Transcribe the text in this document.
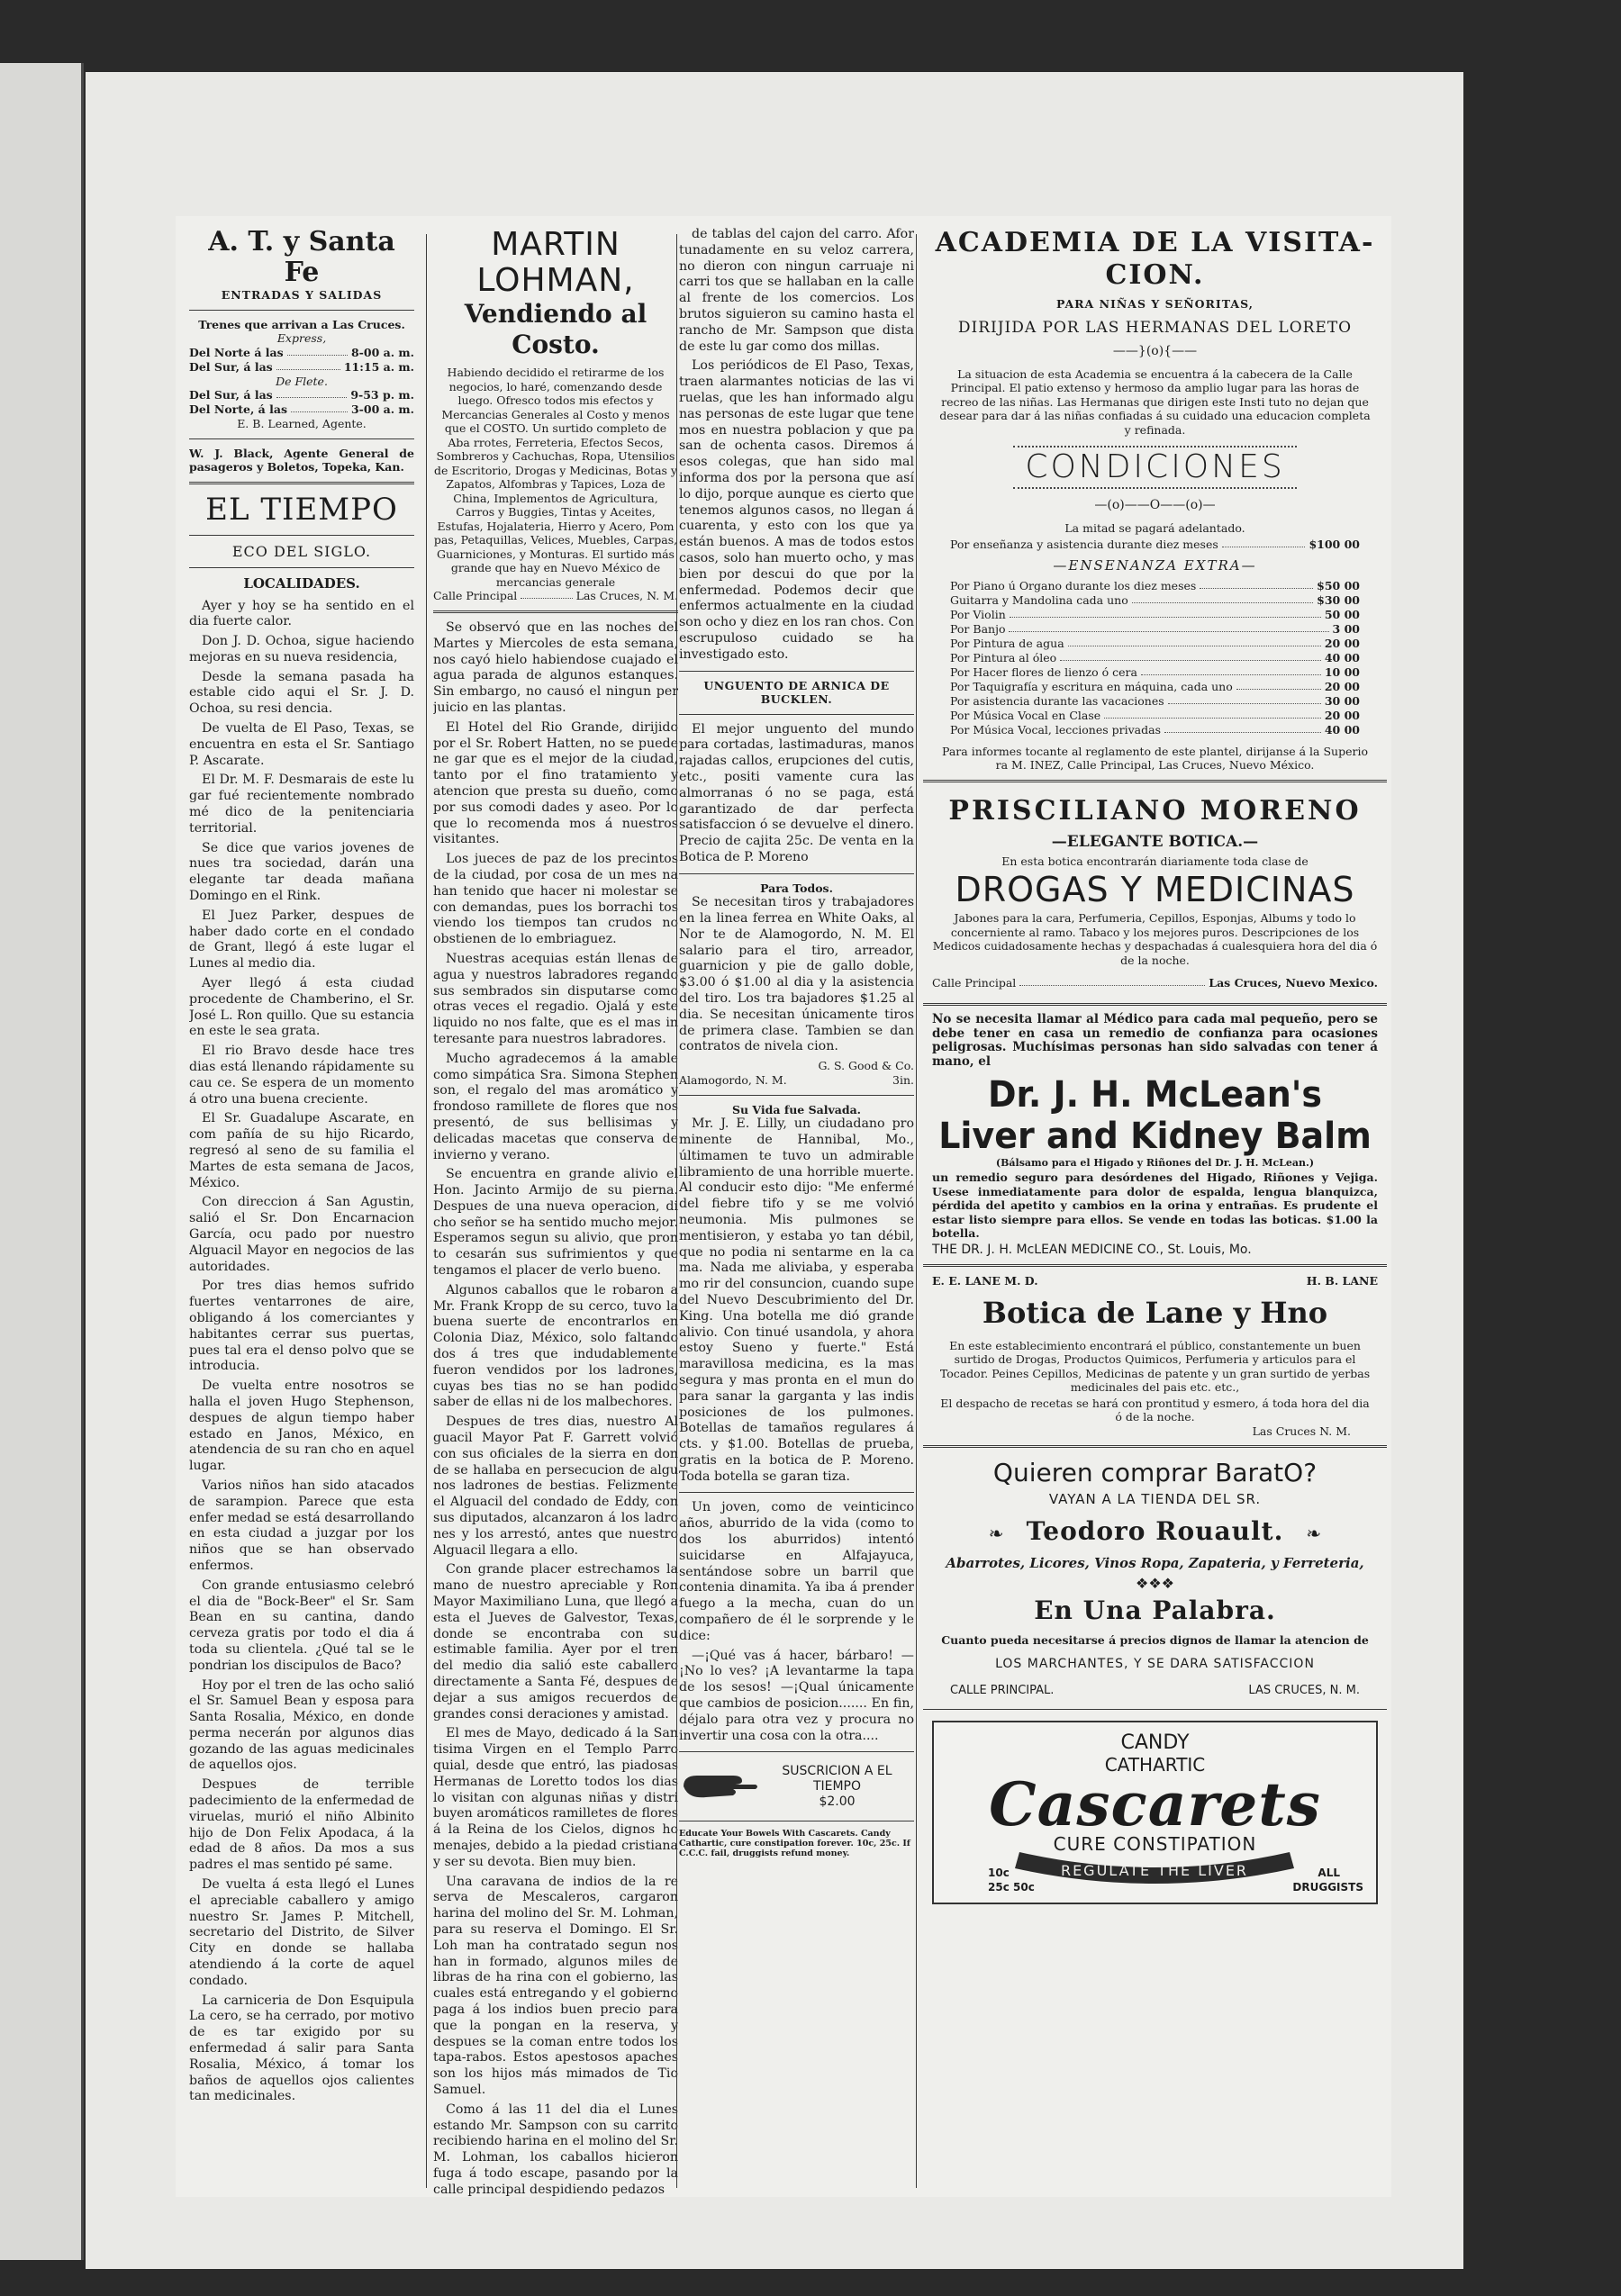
A. T. y Santa Fe
ENTRADAS Y SALIDAS
Trenes que arrivan a Las Cruces.
Express,
Del Norte á las	8-00 a. m.
Del Sur, á las	11:15 a. m.
De Flete.
Del Sur, á las	9-53 p. m.
Del Norte, á las	3-00 a. m.
E. B. Learned, Agente.
W. J. Black, Agente General de pasageros y Boletos, Topeka, Kan.
EL TIEMPO
ECO DEL SIGLO.
LOCALIDADES.

Ayer y hoy se ha sentido en el dia fuerte calor.

Don J. D. Ochoa, sigue haciendo mejoras en su nueva residencia,

Desde la semana pasada ha estable cido aqui el Sr. J. D. Ochoa, su resi dencia.

De vuelta de El Paso, Texas, se encuentra en esta el Sr. Santiago P. Ascarate.

El Dr. M. F. Desmarais de este lu gar fué recientemente nombrado mé dico de la penitenciaria territorial.

Se dice que varios jovenes de nues tra sociedad, darán una elegante tar deada mañana Domingo en el Rink.

El Juez Parker, despues de haber dado corte en el condado de Grant, llegó á este lugar el Lunes al medio dia.

Ayer llegó á esta ciudad procedente de Chamberino, el Sr. José L. Ron quillo. Que su estancia en este le sea grata.

El rio Bravo desde hace tres dias está llenando rápidamente su cau ce. Se espera de un momento á otro una buena creciente.

El Sr. Guadalupe Ascarate, en com pañía de su hijo Ricardo, regresó al seno de su familia el Martes de esta semana de Jacos, México.

Con direccion á San Agustin, salió el Sr. Don Encarnacion García, ocu pado por nuestro Alguacil Mayor en negocios de las autoridades.

Por tres dias hemos sufrido fuertes ventarrones de aire, obligando á los comerciantes y habitantes cerrar sus puertas, pues tal era el denso polvo que se introducia.

De vuelta entre nosotros se halla el joven Hugo Stephenson, despues de algun tiempo haber estado en Janos, México, en atendencia de su ran cho en aquel lugar.

Varios niños han sido atacados de sarampion. Parece que esta enfer medad se está desarrollando en esta ciudad a juzgar por los niños que se han observado enfermos.

Con grande entusiasmo celebró el dia de "Bock-Beer" el Sr. Sam Bean en su cantina, dando cerveza gratis por todo el dia á toda su clientela. ¿Qué tal se le pondrian los discipulos de Baco?

Hoy por el tren de las ocho salió el Sr. Samuel Bean y esposa para Santa Rosalia, México, en donde perma necerán por algunos dias gozando de las aguas medicinales de aquellos ojos.

Despues de terrible padecimiento de la enfermedad de viruelas, murió el niño Albinito hijo de Don Felix Apodaca, á la edad de 8 años. Da mos a sus padres el mas sentido pé same.

De vuelta á esta llegó el Lunes el apreciable caballero y amigo nuestro Sr. James P. Mitchell, secretario del Distrito, de Silver City en donde se hallaba atendiendo á la corte de aquel condado.

La carniceria de Don Esquipula La cero, se ha cerrado, por motivo de es tar exigido por su enfermedad á salir para Santa Rosalia, México, á tomar los baños de aquellos ojos calientes tan medicinales.

MARTIN LOHMAN,
Vendiendo al Costo.
Habiendo decidido el retirarme de los negocios, lo haré, comenzando desde luego. Ofresco todos mis efectos y Mercancias Generales al Costo y menos que el COSTO. Un surtido completo de Aba rrotes, Ferreteria, Efectos Secos, Sombreros y Cachuchas, Ropa, Utensilios de Escritorio, Drogas y Medicinas, Botas y Zapatos, Alfombras y Tapices, Loza de China, Implementos de Agricultura, Carros y Buggies, Tintas y Aceites, Estufas, Hojalateria, Hierro y Acero, Pom pas, Petaquillas, Velices, Muebles, Carpas, Guarniciones, y Monturas. El surtido más grande que hay en Nuevo México de mercancias generale
Calle Principal	Las Cruces, N. M.

Se observó que en las noches del Martes y Miercoles de esta semana, nos cayó hielo habiendose cuajado el agua parada de algunos estanques. Sin embargo, no causó el ningun per juicio en las plantas.

El Hotel del Rio Grande, dirijido por el Sr. Robert Hatten, no se puede ne gar que es el mejor de la ciudad, tanto por el fino tratamiento y atencion que presta su dueño, como por sus comodi dades y aseo. Por lo que lo recomenda mos á nuestros visitantes.

Los jueces de paz de los precintos de la ciudad, por cosa de un mes na han tenido que hacer ni molestar se con demandas, pues los borrachi tos viendo los tiempos tan crudos no obstienen de lo embriaguez.

Nuestras acequias están llenas de agua y nuestros labradores regando sus sembrados sin disputarse como otras veces el regadio. Ojalá y este liquido no nos falte, que es el mas in teresante para nuestros labradores.

Mucho agradecemos á la amable como simpática Sra. Simona Stephen son, el regalo del mas aromático y frondoso ramillete de flores que nos presentó, de sus bellisimas y delicadas macetas que conserva de invierno y verano.

Se encuentra en grande alivio el Hon. Jacinto Armijo de su pierna. Despues de una nueva operacion, di cho señor se ha sentido mucho mejor. Esperamos segun su alivio, que pron to cesarán sus sufrimientos y que tengamos el placer de verlo bueno.

Algunos caballos que le robaron a Mr. Frank Kropp de su cerco, tuvo la buena suerte de encontrarlos en Colonia Diaz, México, solo faltando dos á tres que indudablemente fueron vendidos por los ladrones, cuyas bes tias no se han podido saber de ellas ni de los malbechores.

Despues de tres dias, nuestro Al guacil Mayor Pat F. Garrett volvió con sus oficiales de la sierra en don de se hallaba en persecucion de algu nos ladrones de bestias. Felizmente el Alguacil del condado de Eddy, con sus diputados, alcanzaron á los ladro nes y los arrestó, antes que nuestro Alguacil llegara a ello.

Con grande placer estrechamos la mano de nuestro apreciable y Ron Mayor Maximiliano Luna, que llegó a esta el Jueves de Galvestor, Texas, donde se encontraba con su estimable familia. Ayer por el tren del medio dia salió este caballero directamente a Santa Fé, despues de dejar a sus amigos recuerdos de grandes consi deraciones y amistad.

El mes de Mayo, dedicado á la San tisima Virgen en el Templo Parro quial, desde que entró, las piadosas Hermanas de Loretto todos los dias lo visitan con algunas niñas y distri buyen aromáticos ramilletes de flores á la Reina de los Cielos, dignos ho menajes, debido a la piedad cristiana y ser su devota. Bien muy bien.

Una caravana de indios de la re serva de Mescaleros, cargaron harina del molino del Sr. M. Lohman, para su reserva el Domingo. El Sr. Loh man ha contratado segun nos han in formado, algunos miles de libras de ha rina con el gobierno, las cuales está entregando y el gobierno paga á los indios buen precio para que la pongan en la reserva, y despues se la coman entre todos los tapa-rabos. Estos apestosos apaches son los hijos más mimados de Tio Samuel.

Como á las 11 del dia el Lunes estando Mr. Sampson con su carrito recibiendo harina en el molino del Sr. M. Lohman, los caballos hicieron fuga á todo escape, pasando por la calle principal despidiendo pedazos

de tablas del cajon del carro. Afor tunadamente en su veloz carrera, no dieron con ningun carruaje ni carri tos que se hallaban en la calle al frente de los comercios. Los brutos siguieron su camino hasta el rancho de Mr. Sampson que dista de este lu gar como dos millas.

Los periódicos de El Paso, Texas, traen alarmantes noticias de las vi ruelas, que les han informado algu nas personas de este lugar que tene mos en nuestra poblacion y que pa san de ochenta casos. Diremos á esos colegas, que han sido mal informa dos por la persona que así lo dijo, porque aunque es cierto que tenemos algunos casos, no llegan á cuarenta, y esto con los que ya están buenos. A mas de todos estos casos, solo han muerto ocho, y mas bien por descui do que por la enfermedad. Podemos decir que enfermos actualmente en la ciudad son ocho y diez en los ran chos. Con escrupuloso cuidado se ha investigado esto.

UNGUENTO DE ARNICA DE BUCKLEN.

El mejor unguento del mundo para cortadas, lastimaduras, manos rajadas callos, erupciones del cutis, etc., positi vamente cura las almorranas ó no se paga, está garantizado de dar perfecta satisfaccion ó se devuelve el dinero. Precio de cajita 25c. De venta en la Botica de P. Moreno

Para Todos.

Se necesitan tiros y trabajadores en la linea ferrea en White Oaks, al Nor te de Alamogordo, N. M. El salario para el tiro, arreador, guarnicion y pie de gallo doble, $3.00 ó $1.00 al dia y la asistencia del tiro. Los tra bajadores $1.25 al dia. Se necesitan únicamente tiros de primera clase. Tambien se dan contratos de nivela cion.

G. S. Good & Co.
Alamogordo, N. M.	3in.
Su Vida fue Salvada.

Mr. J. E. Lilly, un ciudadano pro minente de Hannibal, Mo., últimamen te tuvo un admirable libramiento de una horrible muerte. Al conducir esto dijo: "Me enfermé del fiebre tifo y se me volvió neumonia. Mis pulmones se mentisieron, y estaba yo tan débil, que no podia ni sentarme en la ca ma. Nada me aliviaba, y esperaba mo rir del consuncion, cuando supe del Nuevo Descubrimiento del Dr. King. Una botella me dió grande alivio. Con tinué usandola, y ahora estoy Sueno y fuerte." Está maravillosa medicina, es la mas segura y mas pronta en el mun do para sanar la garganta y las indis posiciones de los pulmones. Botellas de tamaños regulares á cts. y $1.00. Botellas de prueba, gratis en la botica de P. Moreno. Toda botella se garan tiza.

Un joven, como de veinticinco años, aburrido de la vida (como to dos los aburridos) intentó suicidarse en Alfajayuca, sentándose sobre un barril que contenia dinamita. Ya iba á prender fuego a la mecha, cuan do un compañero de él le sorprende y le dice:

—¡Qué vas á hacer, bárbaro! —¡No lo ves? ¡A levantarme la tapa de los sesos! —¡Qual únicamente que cambios de posicion....... En fin, déjalo para otra vez y procura no invertir una cosa con la otra....

SUSCRICION A EL TIEMPO
$2.00
Educate Your Bowels With Cascarets. Candy Cathartic, cure constipation forever. 10c, 25c. If C.C.C. fail, druggists refund money.
ACADEMIA DE LA VISITA-
CION.
PARA NIÑAS Y SEÑORITAS,
DIRIJIDA POR LAS HERMANAS DEL LORETO
——}(o){——
La situacion de esta Academia se encuentra á la cabecera de la Calle Principal. El patio extenso y hermoso da amplio lugar para las horas de recreo de las niñas. Las Hermanas que dirigen este Insti tuto no dejan que desear para dar á las niñas confiadas á su cuidado una educacion completa y refinada.
CONDICIONES
—(o)——O——(o)—
La mitad se pagará adelantado.
Por enseñanza y asistencia durante diez meses	$100 00
—ENSENANZA EXTRA—
Por Piano ú Organo durante los diez meses	$50 00
Guitarra y Mandolina cada uno	$30 00
Por Violin	50 00
Por Banjo	3 00
Por Pintura de agua	20 00
Por Pintura al óleo	40 00
Por Hacer flores de lienzo ó cera	10 00
Por Taquigrafía y escritura en máquina, cada uno	20 00
Por asistencia durante las vacaciones	30 00
Por Música Vocal en Clase	20 00
Por Música Vocal, lecciones privadas	40 00
Para informes tocante al reglamento de este plantel, dirijanse á la Superio ra M. INEZ, Calle Principal, Las Cruces, Nuevo México.
PRISCILIANO MORENO
—ELEGANTE BOTICA.—
En esta botica encontrarán diariamente toda clase de
DROGAS Y MEDICINAS
Jabones para la cara, Perfumeria, Cepillos, Esponjas, Albums y todo lo concerniente al ramo. Tabaco y los mejores puros. Descripciones de los Medicos cuidadosamente hechas y despachadas á cualesquiera hora del dia ó de la noche.
Calle Principal	Las Cruces, Nuevo Mexico.
No se necesita llamar al Médico para cada mal pequeño, pero se debe tener en casa un remedio de confianza para ocasiones peligrosas. Muchísimas personas han sido salvadas con tener á mano, el
Dr. J. H. McLean's
Liver and Kidney Balm
(Bálsamo para el Higado y Riñones del Dr. J. H. McLean.)
un remedio seguro para desórdenes del Higado, Riñones y Vejiga. Usese inmediatamente para dolor de espalda, lengua blanquizca, pérdida del apetito y cambios en la orina y entrañas. Es prudente el estar listo siempre para ellos. Se vende en todas las boticas. $1.00 la botella.
THE DR. J. H. McLEAN MEDICINE CO., St. Louis, Mo.
E. E. LANE M. D.	H. B. LANE
Botica de Lane y Hno
En este establecimiento encontrará el público, constantemente un buen surtido de Drogas, Productos Quimicos, Perfumeria y articulos para el Tocador. Peines Cepillos, Medicinas de patente y un gran surtido de yerbas medicinales del pais etc. etc.,
El despacho de recetas se hará con prontitud y esmero, á toda hora del dia ó de la noche.
Las Cruces N. M.
Quieren comprar BaratO?
VAYAN A LA TIENDA DEL SR.
❧ Teodoro Rouault. ❧
Abarrotes, Licores, Vinos Ropa, Zapateria, y Ferreteria,
❖❖❖
En Una Palabra.
Cuanto pueda necesitarse á precios dignos de llamar la atencion de
LOS MARCHANTES, Y SE DARA SATISFACCION
CALLE PRINCIPAL.	LAS CRUCES, N. M.
CANDY
CATHARTIC
Cascarets
CURE CONSTIPATION
REGULATE THE LIVER
10c
25c 50c
ALL
DRUGGISTS
